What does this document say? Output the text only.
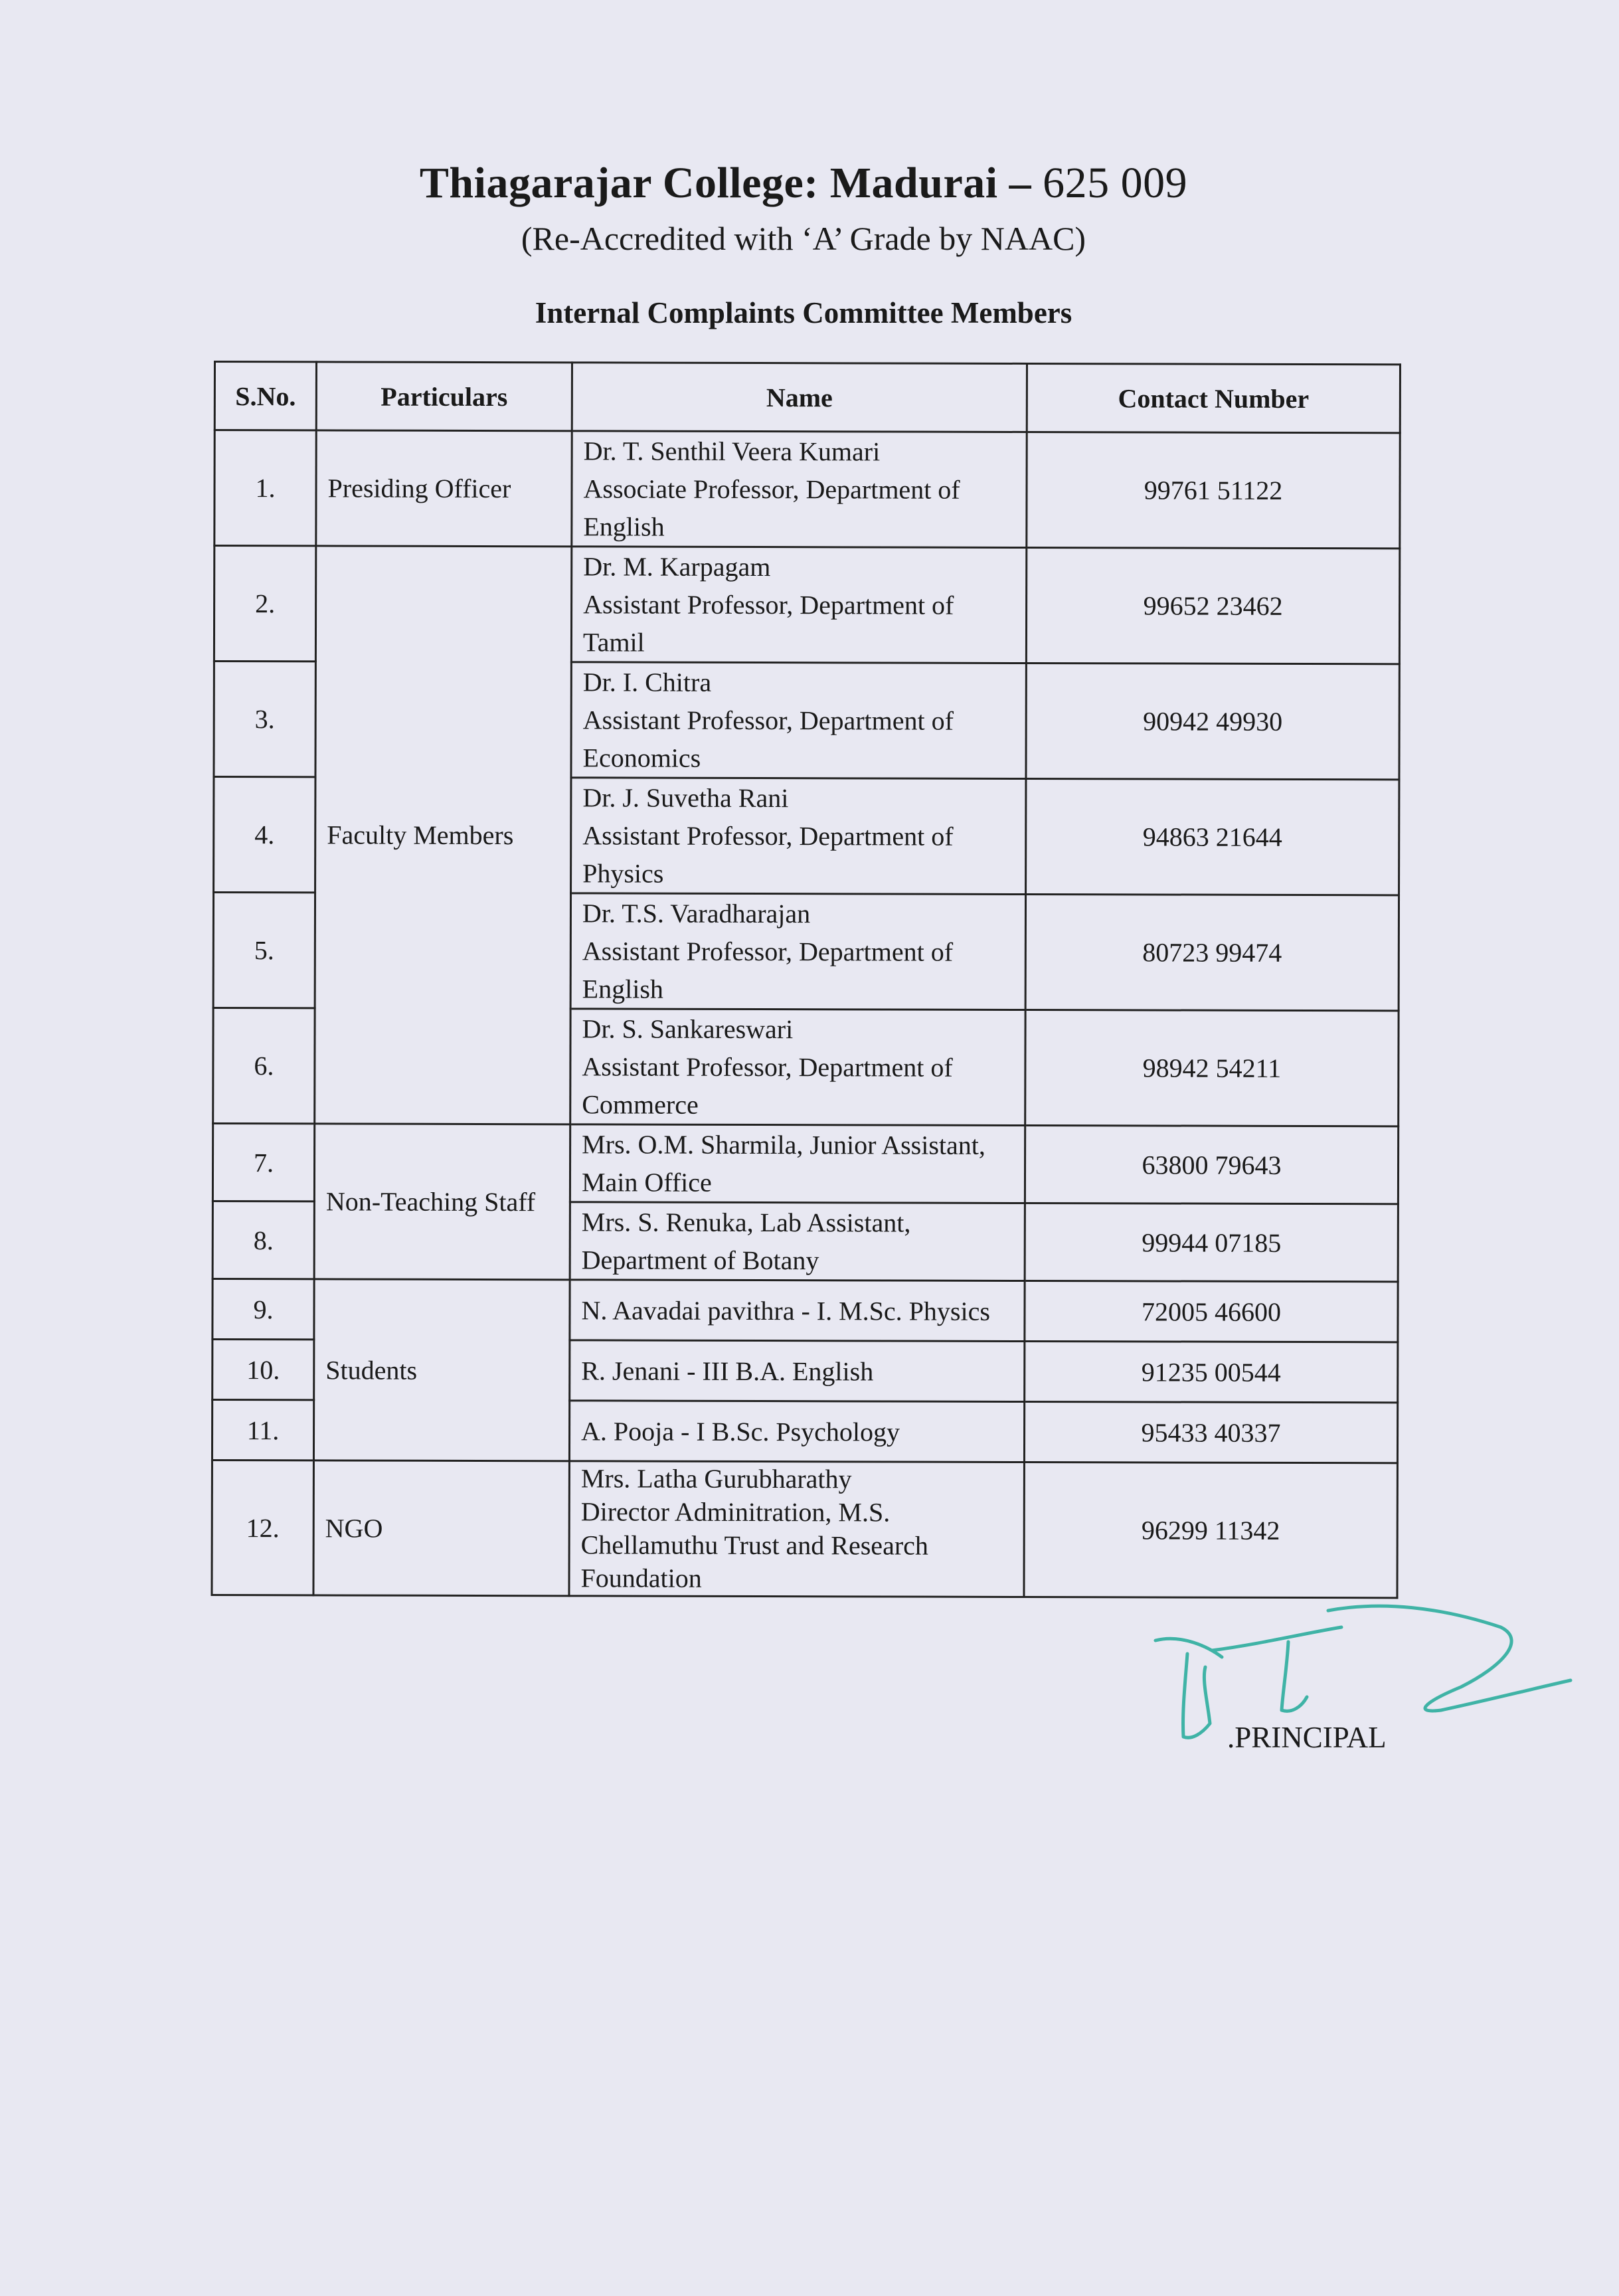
Thiagarajar College: Madurai – 625 009
(Re-Accredited with ‘A’ Grade by NAAC)
Internal Complaints Committee Members
S.No.	Particulars	Name	Contact Number
1.	Presiding Officer	Dr. T. Senthil Veera Kumari
Associate Professor, Department of
English	99761 51122
2.	Faculty Members	Dr. M. Karpagam
Assistant Professor, Department of
Tamil	99652 23462
3.		Dr. I. Chitra
Assistant Professor, Department of
Economics	90942 49930
4.		Dr. J. Suvetha Rani
Assistant Professor, Department of
Physics	94863 21644
5.		Dr. T.S. Varadharajan
Assistant Professor, Department of
English	80723 99474
6.		Dr. S. Sankareswari
Assistant Professor, Department of
Commerce	98942 54211
7.	Non-Teaching Staff	Mrs. O.M. Sharmila, Junior Assistant,
Main Office	63800 79643
8.		Mrs. S. Renuka, Lab Assistant,
Department of Botany	99944 07185
9.	Students	N. Aavadai pavithra - I. M.Sc. Physics	72005 46600
10.		R. Jenani - III B.A. English	91235 00544
11.		A. Pooja - I B.Sc. Psychology	95433 40337
12.	NGO	Mrs. Latha Gurubharathy
Director Adminitration, M.S.
Chellamuthu Trust and Research
Foundation	96299 11342
.PRINCIPAL
